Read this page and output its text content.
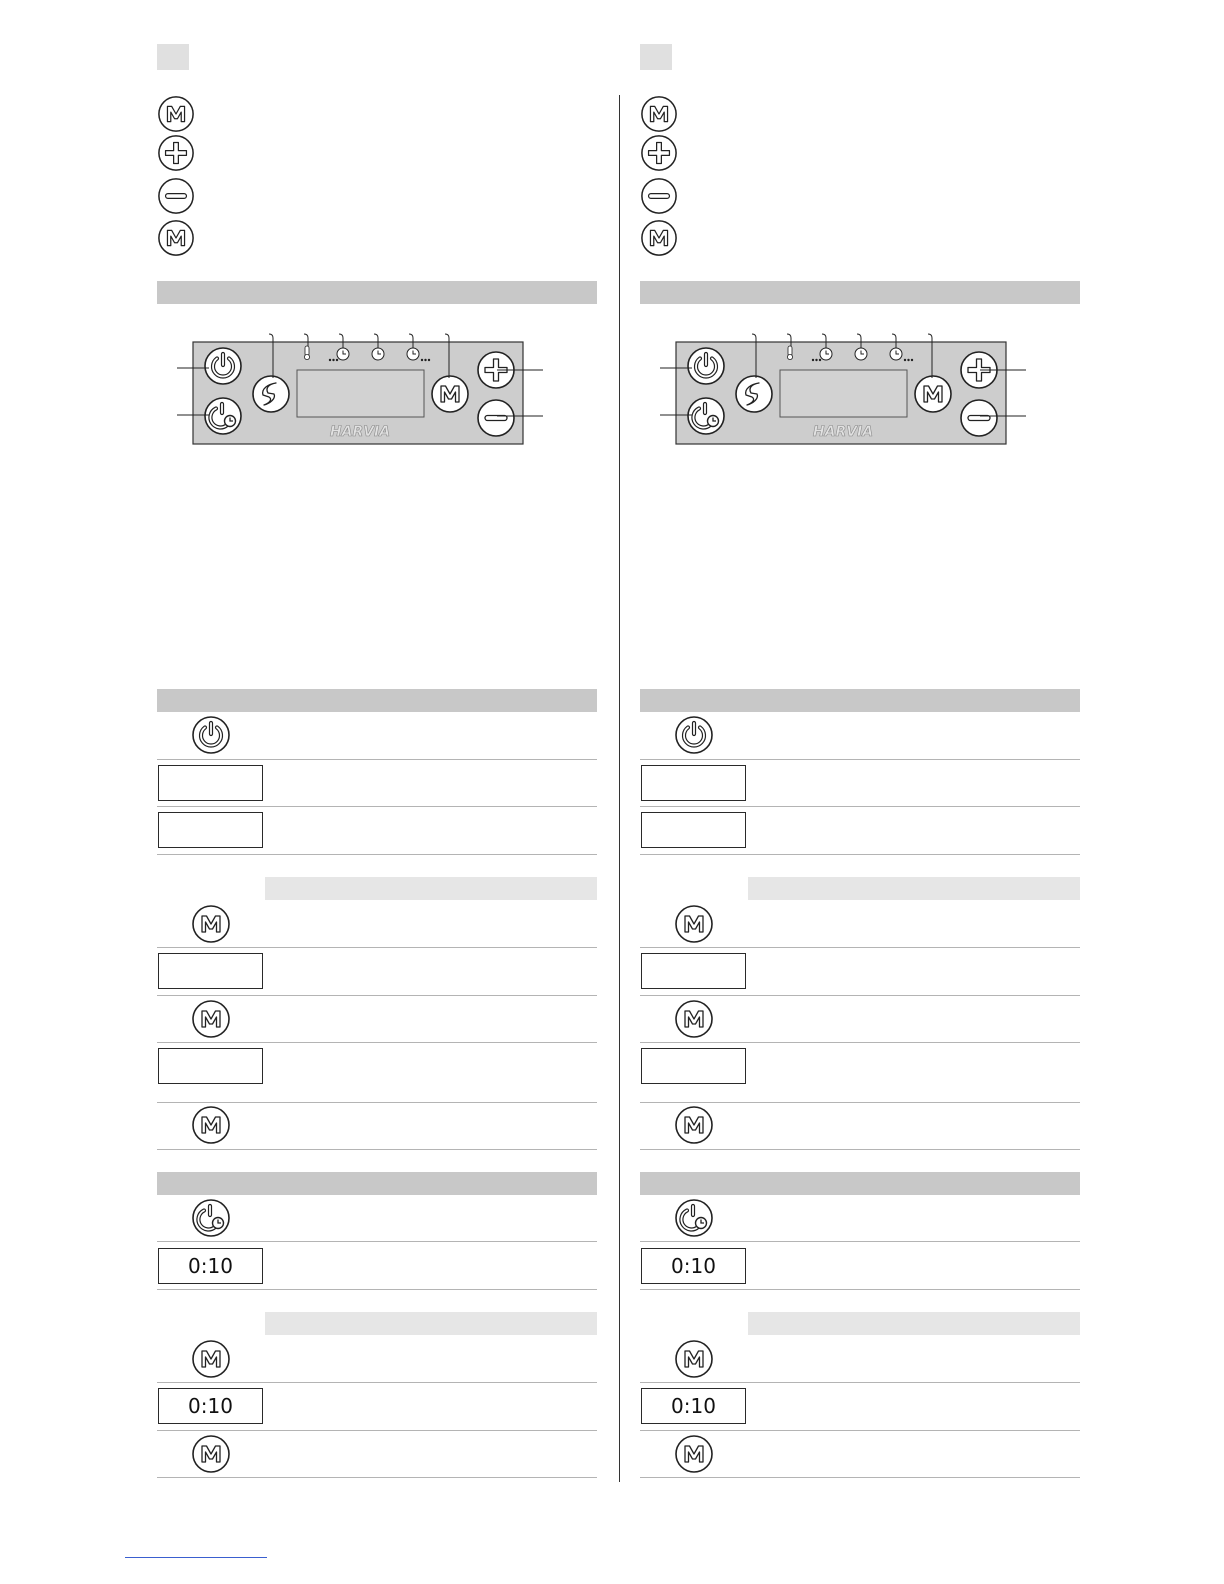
0:10
0:10
0:10
0:10
